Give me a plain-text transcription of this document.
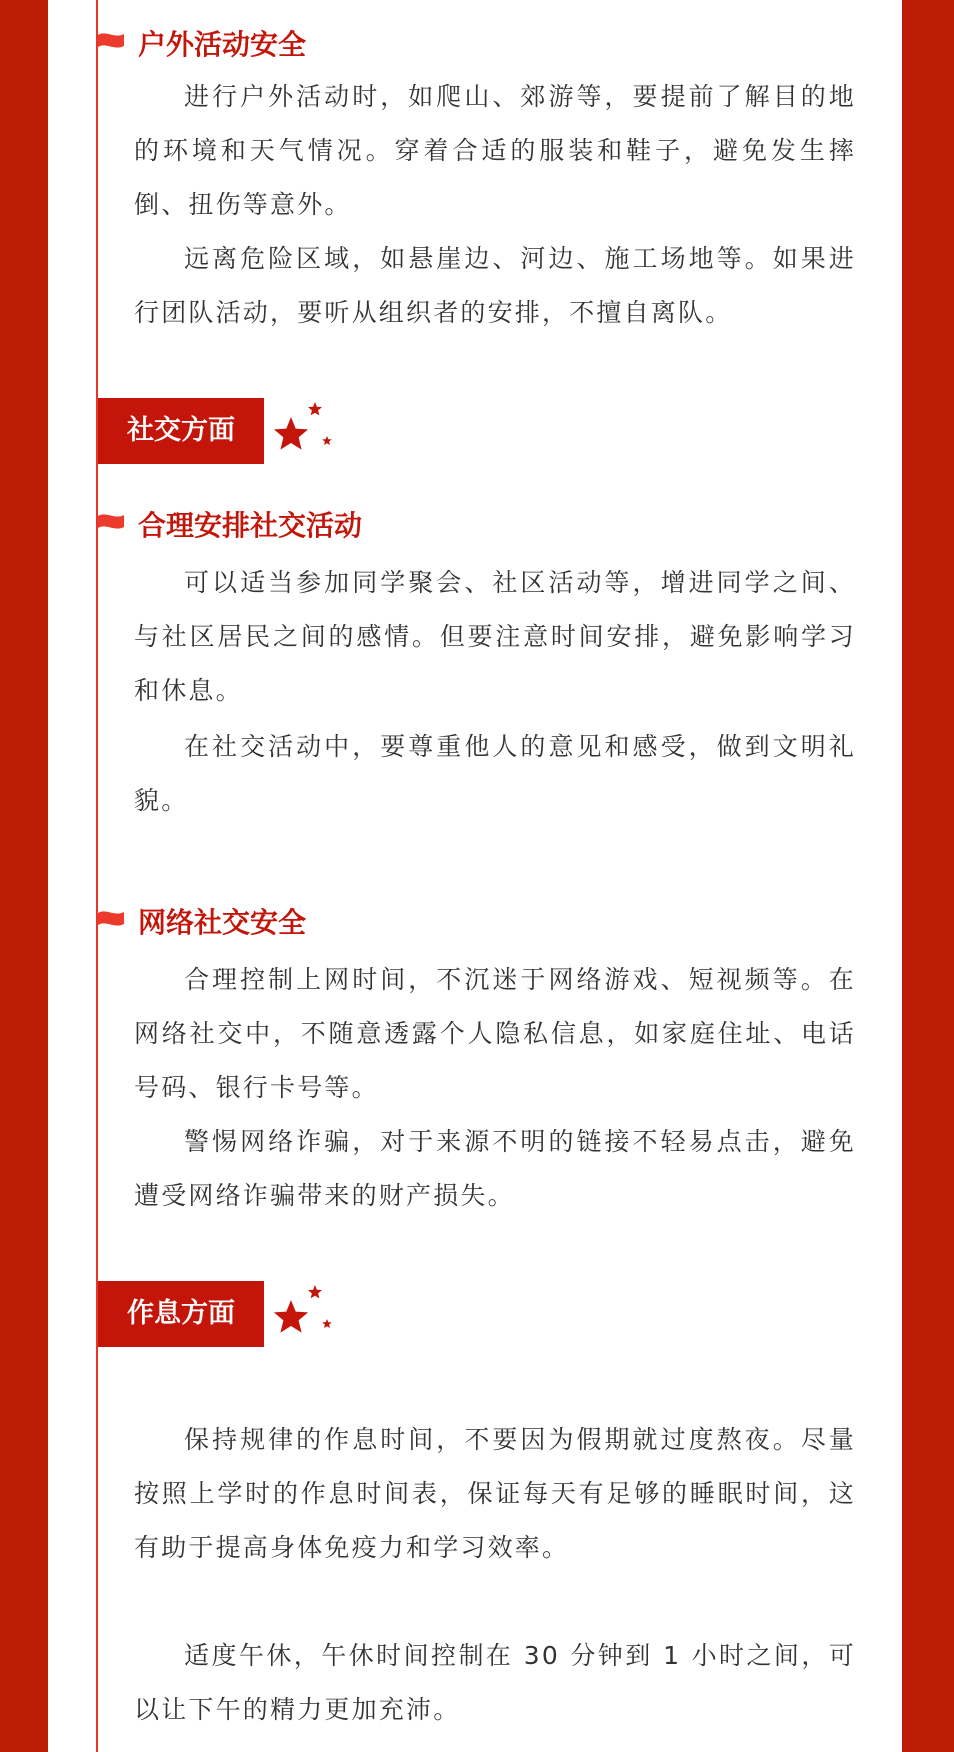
户外活动安全

进行户外活动时，如爬山、郊游等，要提前了解目的地的环境和天气情况。穿着合适的服装和鞋子，避免发生摔倒、扭伤等意外。

远离危险区域，如悬崖边、河边、施工场地等。如果进行团队活动，要听从组织者的安排，不擅自离队。

社交方面
合理安排社交活动

可以适当参加同学聚会、社区活动等，增进同学之间、与社区居民之间的感情。但要注意时间安排，避免影响学习和休息。

在社交活动中，要尊重他人的意见和感受，做到文明礼貌。

网络社交安全

合理控制上网时间，不沉迷于网络游戏、短视频等。在网络社交中，不随意透露个人隐私信息，如家庭住址、电话号码、银行卡号等。

警惕网络诈骗，对于来源不明的链接不轻易点击，避免遭受网络诈骗带来的财产损失。

作息方面

保持规律的作息时间，不要因为假期就过度熬夜。尽量按照上学时的作息时间表，保证每天有足够的睡眠时间，这有助于提高身体免疫力和学习效率。

适度午休，午休时间控制在 30 分钟到 1 小时之间，可以让下午的精力更加充沛。
